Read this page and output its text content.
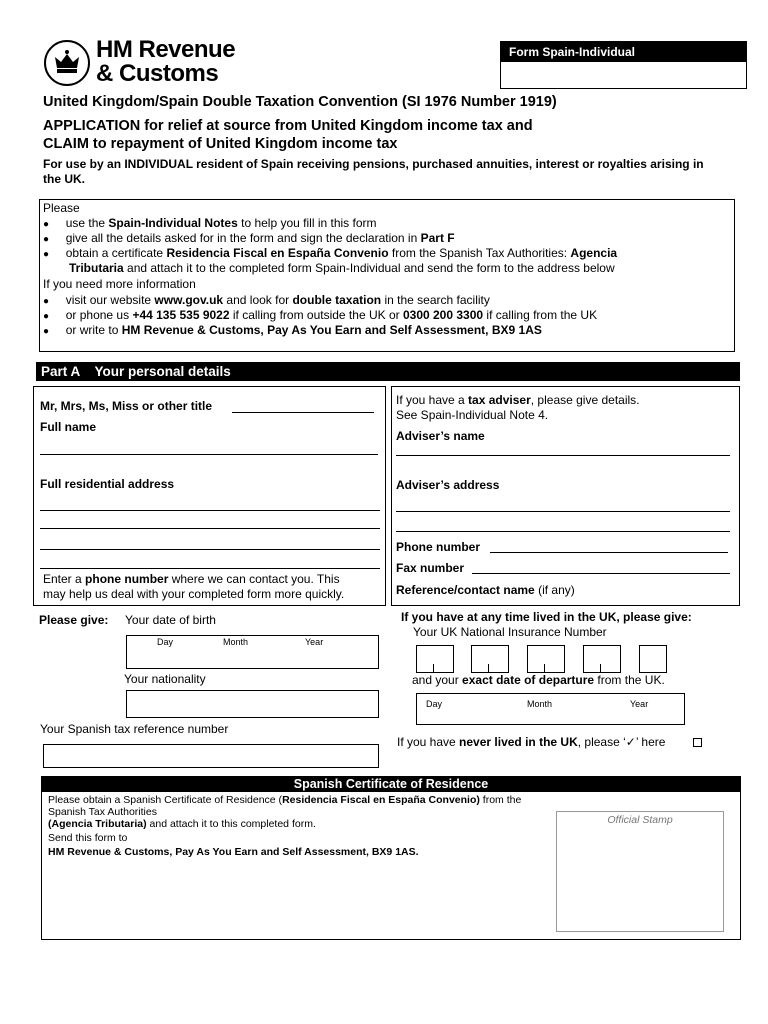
HM Revenue
& Customs
Form Spain-Individual
United Kingdom/Spain Double Taxation Convention (SI 1976 Number 1919)
APPLICATION for relief at source from United Kingdom income tax and
CLAIM to repayment of United Kingdom income tax
For use by an INDIVIDUAL resident of Spain receiving pensions, purchased annuities, interest or royalties arising in the UK.
Please
● use the Spain-Individual Notes to help you fill in this form
● give all the details asked for in the form and sign the declaration in Part F
● obtain a certificate Residencia Fiscal en España Convenio from the Spanish Tax Authorities: Agencia
Tributaria and attach it to the completed form Spain-Individual and send the form to the address below
If you need more information
● visit our website www.gov.uk and look for double taxation in the search facility
● or phone us +44 135 535 9022 if calling from outside the UK or 0300 200 3300 if calling from the UK
● or write to HM Revenue & Customs, Pay As You Earn and Self Assessment, BX9 1AS
Part A    Your personal details
Mr, Mrs, Ms, Miss or other title
Full name
Full residential address
Enter a phone number where we can contact you. This
may help us deal with your completed form more quickly.
If you have a tax adviser, please give details.
See Spain-Individual Note 4.
Adviser’s name
Adviser’s address
Phone number
Fax number
Reference/contact name (if any)
Please give: Your date of birth
Day	Month	Year
Your nationality
Your Spanish tax reference number
If you have at any time lived in the UK, please give:
Your UK National Insurance Number
and your exact date of departure from the UK.
Day	Month	Year
If you have never lived in the UK, please ‘✓’ here
Spanish Certificate of Residence
Please obtain a Spanish Certificate of Residence (Residencia Fiscal en España Convenio) from the Spanish Tax Authorities
(Agencia Tributaria) and attach it to this completed form.
Send this form to
HM Revenue & Customs, Pay As You Earn and Self Assessment, BX9 1AS.
Official Stamp
